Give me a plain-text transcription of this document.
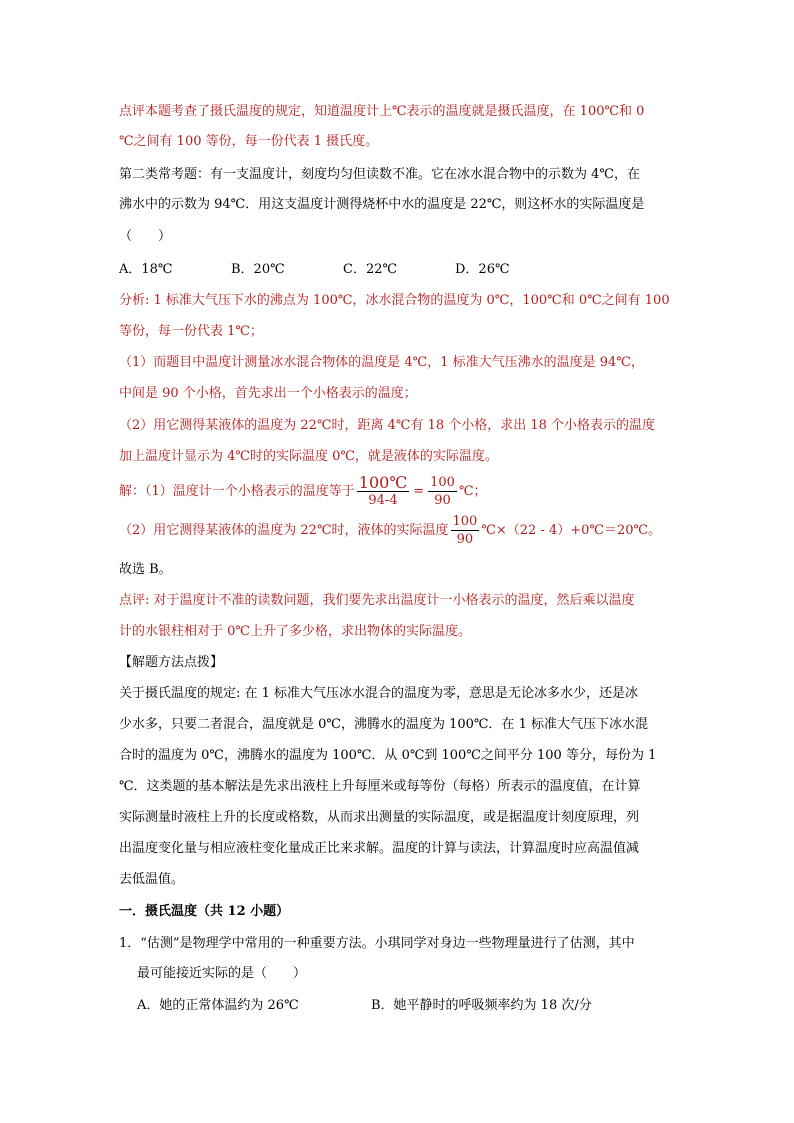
点评本题考查了摄氏温度的规定，知道温度计上℃表示的温度就是摄氏温度，在 100℃和 0
℃之间有 100 等份，每一份代表 1 摄氏度。
第二类常考题：有一支温度计，刻度均匀但读数不准。它在冰水混合物中的示数为 4℃，在
沸水中的示数为 94℃．用这支温度计测得烧杯中水的温度是 22℃，则这杯水的实际温度是
（　　）
A．18℃	B．20℃	C．22℃	D．26℃
分析: 1 标准大气压下水的沸点为 100℃，冰水混合物的温度为 0℃，100℃和 0℃之间有 100
等份，每一份代表 1℃；
（1）而题目中温度计测量冰水混合物体的温度是 4℃，1 标准大气压沸水的温度是 94℃，
中间是 90 个小格，首先求出一个小格表示的温度；
（2）用它测得某液体的温度为 22℃时，距离 4℃有 18 个小格，求出 18 个小格表示的温度
加上温度计显示为 4℃时的实际温度 0℃，就是液体的实际温度。
解：（1）温度计一个小格表示的温度等于 $\frac{100℃}{94-4} = \frac{100}{90}$ ℃；
（2）用它测得某液体的温度为 22℃时，液体的实际温度 $\frac{100}{90}$ ℃×（22 - 4）+0℃＝20℃。
故选 B。
点评: 对于温度计不准的读数问题，我们要先求出温度计一小格表示的温度，然后乘以温度
计的水银柱相对于 0℃上升了多少格，求出物体的实际温度。
【解题方法点拨】
关于摄氏温度的规定: 在 1 标准大气压冰水混合的温度为零，意思是无论冰多水少，还是冰
少水多，只要二者混合，温度就是 0℃，沸腾水的温度为 100℃．在 1 标准大气压下冰水混
合时的温度为 0℃，沸腾水的温度为 100℃．从 0℃到 100℃之间平分 100 等分，每份为 1
℃．这类题的基本解法是先求出液柱上升每厘米或每等份（每格）所表示的温度值，在计算
实际测量时液柱上升的长度或格数，从而求出测量的实际温度，或是据温度计刻度原理，列
出温度变化量与相应液柱变化量成正比来求解。温度的计算与读法，计算温度时应高温值减
去低温值。
一．摄氏温度（共 12 小题）
1．“估测”是物理学中常用的一种重要方法。小琪同学对身边一些物理量进行了估测，其中
最可能接近实际的是（　　）
A．她的正常体温约为 26℃	B．她平静时的呼吸频率约为 18 次/分
